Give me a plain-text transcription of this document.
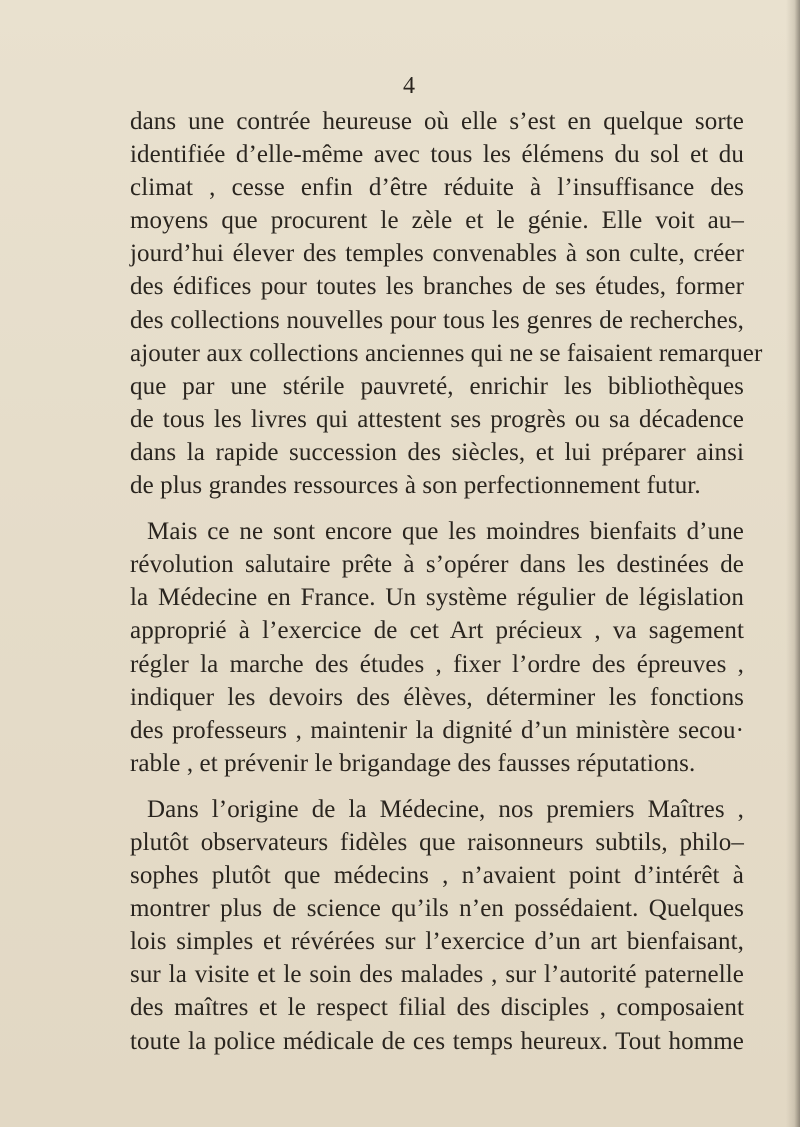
4
dans une contrée heureuse où elle s’est en quelque sorte
identifiée d’elle-même avec tous les élémens du sol et du
climat , cesse enfin d’être réduite à l’insuffisance des
moyens que procurent le zèle et le génie. Elle voit au–
jourd’hui élever des temples convenables à son culte, créer
des édifices pour toutes les branches de ses études, former
des collections nouvelles pour tous les genres de recherches,
ajouter aux collections anciennes qui ne se faisaient remarquer
que par une stérile pauvreté, enrichir les bibliothèques
de tous les livres qui attestent ses progrès ou sa décadence
dans la rapide succession des siècles, et lui préparer ainsi
de plus grandes ressources à son perfectionnement futur.
Mais ce ne sont encore que les moindres bienfaits d’une
révolution salutaire prête à s’opérer dans les destinées de
la Médecine en France. Un système régulier de législation
approprié à l’exercice de cet Art précieux , va sagement
régler la marche des études , fixer l’ordre des épreuves ,
indiquer les devoirs des élèves, déterminer les fonctions
des professeurs , maintenir la dignité d’un ministère secou·
rable , et prévenir le brigandage des fausses réputations.
Dans l’origine de la Médecine, nos premiers Maîtres ,
plutôt observateurs fidèles que raisonneurs subtils, philo–
sophes plutôt que médecins , n’avaient point d’intérêt à
montrer plus de science qu’ils n’en possédaient. Quelques
lois simples et révérées sur l’exercice d’un art bienfaisant,
sur la visite et le soin des malades , sur l’autorité paternelle
des maîtres et le respect filial des disciples , composaient
toute la police médicale de ces temps heureux. Tout homme
